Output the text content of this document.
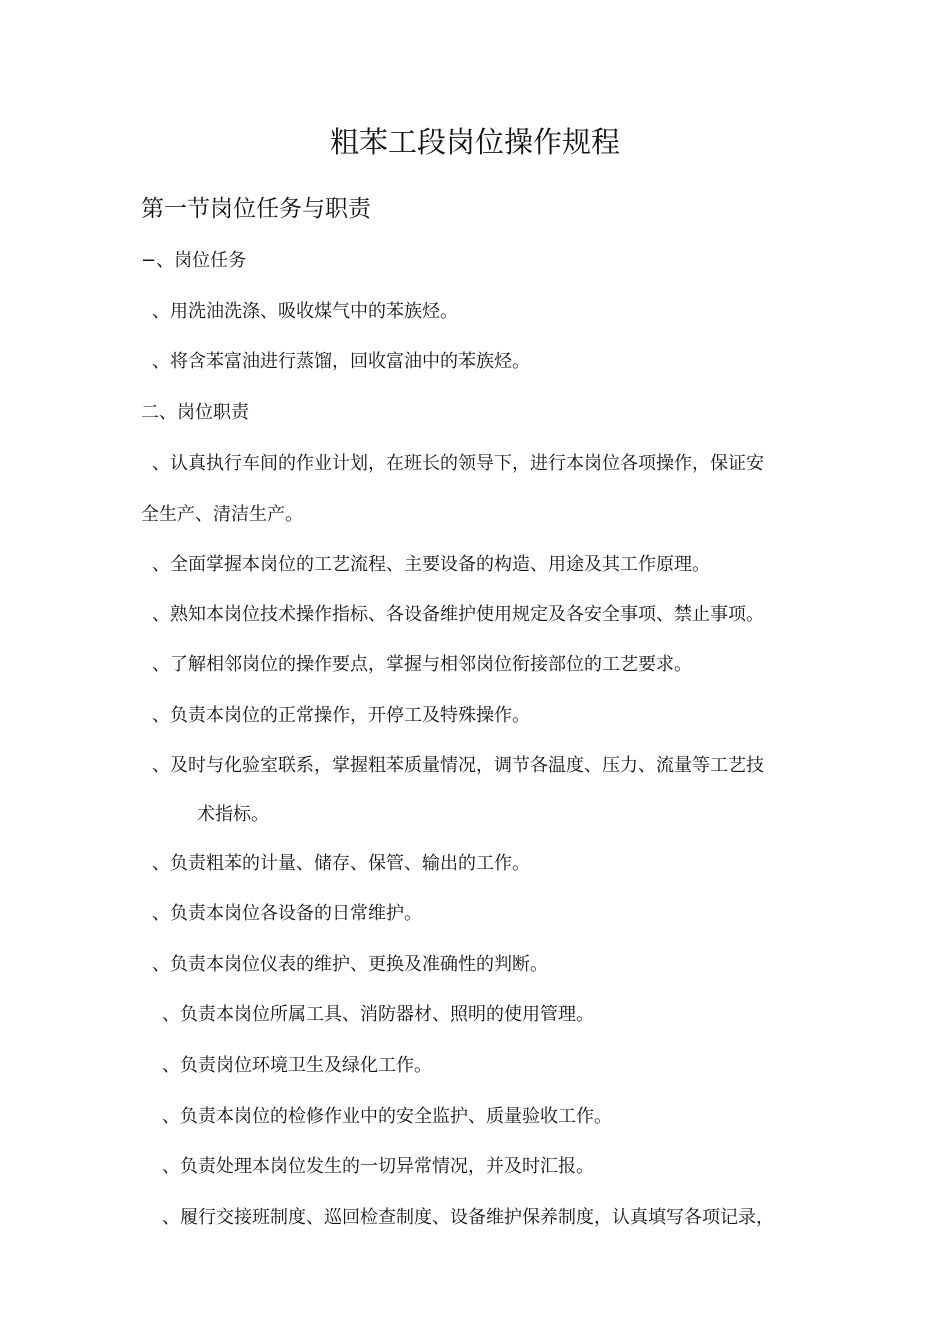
粗苯工段岗位操作规程
第一节岗位任务与职责
−、岗位任务
、用洗油洗涤、吸收煤气中的苯族烃。
、将含苯富油进行蒸馏，回收富油中的苯族烃。
二、岗位职责
、认真执行车间的作业计划，在班长的领导下，进行本岗位各项操作，保证安
全生产、清洁生产。
、全面掌握本岗位的工艺流程、主要设备的构造、用途及其工作原理。
、熟知本岗位技术操作指标、各设备维护使用规定及各安全事项、禁止事项。
、了解相邻岗位的操作要点，掌握与相邻岗位衔接部位的工艺要求。
、负责本岗位的正常操作，开停工及特殊操作。
、及时与化验室联系，掌握粗苯质量情况，调节各温度、压力、流量等工艺技
术指标。
、负责粗苯的计量、储存、保管、输出的工作。
、负责本岗位各设备的日常维护。
、负责本岗位仪表的维护、更换及准确性的判断。
、负责本岗位所属工具、消防器材、照明的使用管理。
、负责岗位环境卫生及绿化工作。
、负责本岗位的检修作业中的安全监护、质量验收工作。
、负责处理本岗位发生的一切异常情况，并及时汇报。
、履行交接班制度、巡回检查制度、设备维护保养制度，认真填写各项记录，
